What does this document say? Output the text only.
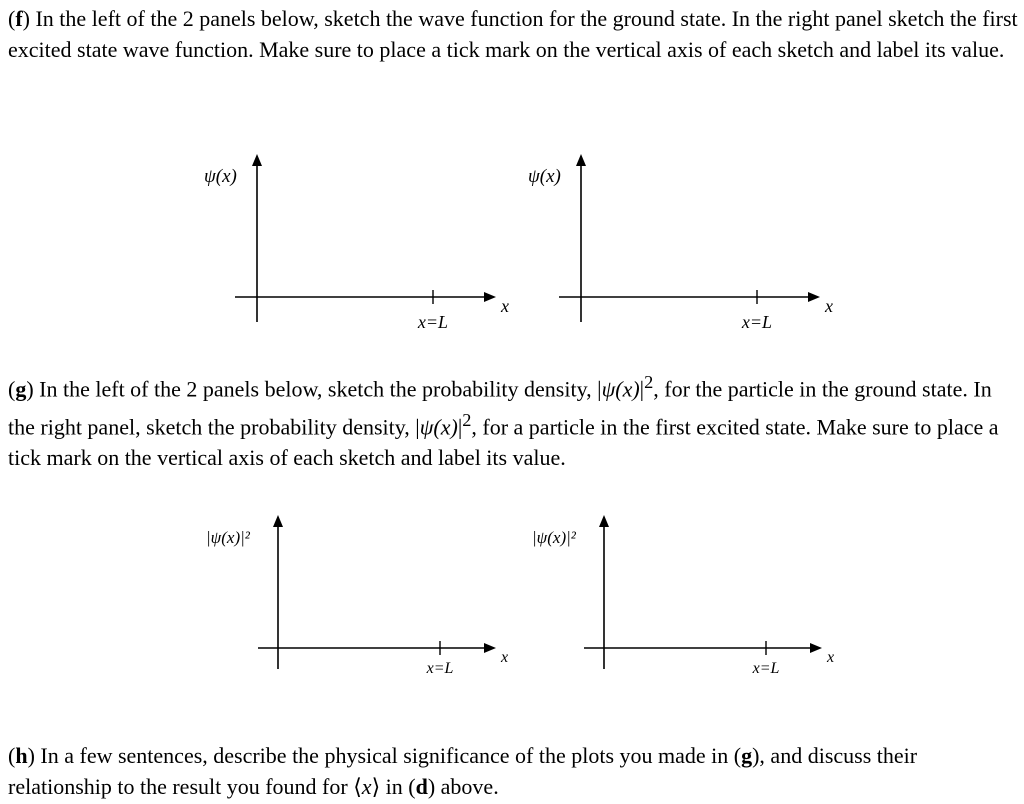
(f) In the left of the 2 panels below, sketch the wave function for the ground state. In the right panel sketch the first excited state wave function. Make sure to place a tick mark on the vertical axis of each sketch and label its value.
ψ(x)
x=L
x
ψ(x)
x=L
x
(g) In the left of the 2 panels below, sketch the probability density, $|\psi(x)|^2$, for the particle in the ground state. In the right panel, sketch the probability density, $|\psi(x)|^2$, for a particle in the first excited state. Make sure to place a tick mark on the vertical axis of each sketch and label its value.
|ψ(x)|²
x=L
x
|ψ(x)|²
x=L
x
(h) In a few sentences, describe the physical significance of the plots you made in (g), and discuss their relationship to the result you found for ⟨x⟩ in (d) above.
